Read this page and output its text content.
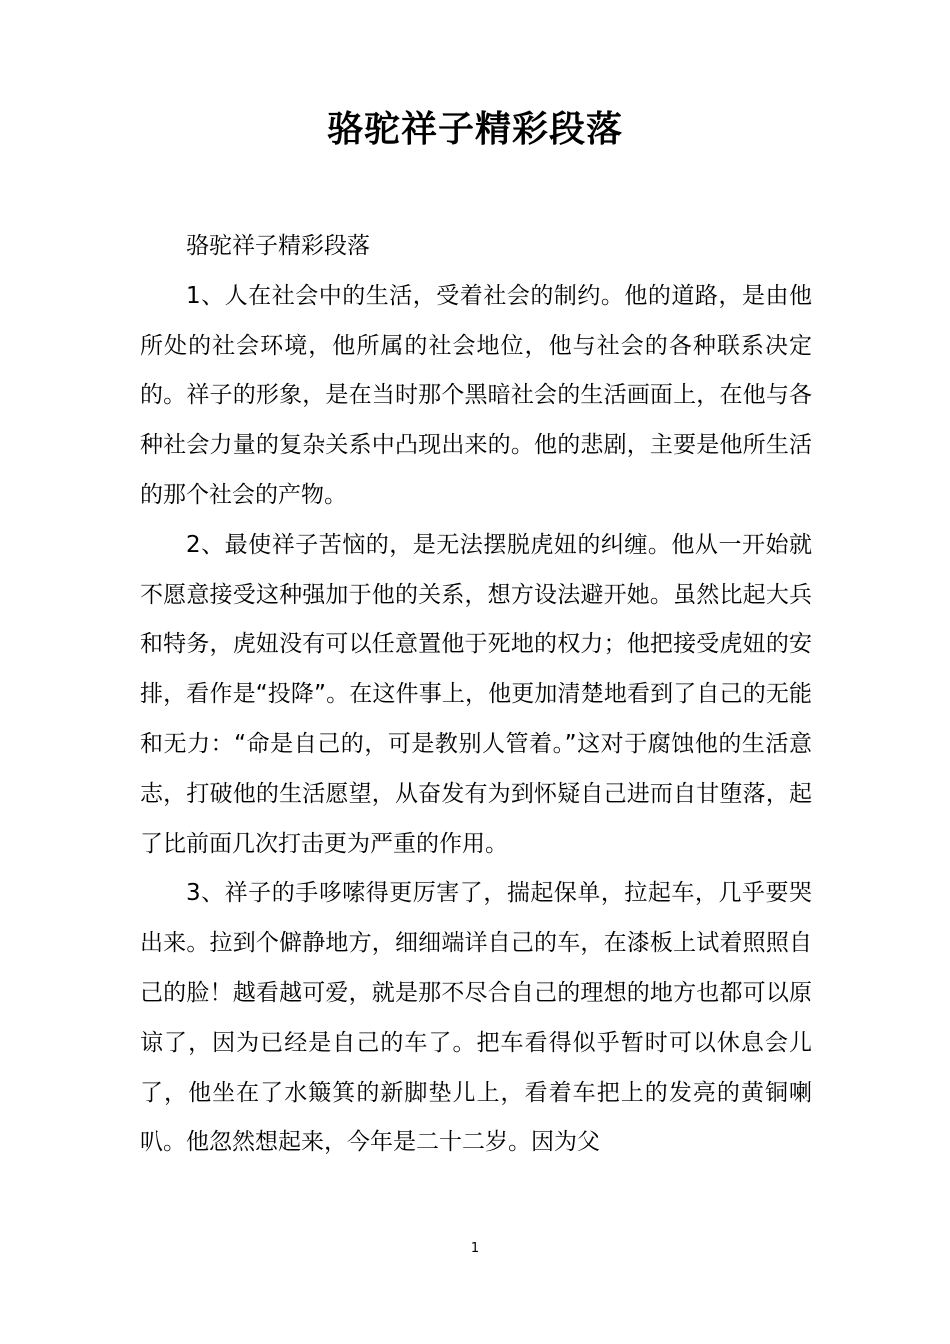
骆驼祥子精彩段落

骆驼祥子精彩段落

1、人在社会中的生活，受着社会的制约。他的道路，是由他所处的社会环境，他所属的社会地位，他与社会的各种联系决定的。祥子的形象，是在当时那个黑暗社会的生活画面上，在他与各种社会力量的复杂关系中凸现出来的。他的悲剧，主要是他所生活的那个社会的产物。

2、最使祥子苦恼的，是无法摆脱虎妞的纠缠。他从一开始就不愿意接受这种强加于他的关系，想方设法避开她。虽然比起大兵和特务，虎妞没有可以任意置他于死地的权力；他把接受虎妞的安排，看作是“投降”。在这件事上，他更加清楚地看到了自己的无能和无力：“命是自己的，可是教别人管着。”这对于腐蚀他的生活意志，打破他的生活愿望，从奋发有为到怀疑自己进而自甘堕落，起了比前面几次打击更为严重的作用。

3、祥子的手哆嗦得更厉害了，揣起保单，拉起车，几乎要哭出来。拉到个僻静地方，细细端详自己的车，在漆板上试着照照自己的脸！越看越可爱，就是那不尽合自己的理想的地方也都可以原谅了，因为已经是自己的车了。把车看得似乎暂时可以休息会儿了，他坐在了水簸箕的新脚垫儿上，看着车把上的发亮的黄铜喇叭。他忽然想起来，今年是二十二岁。因为父

1
